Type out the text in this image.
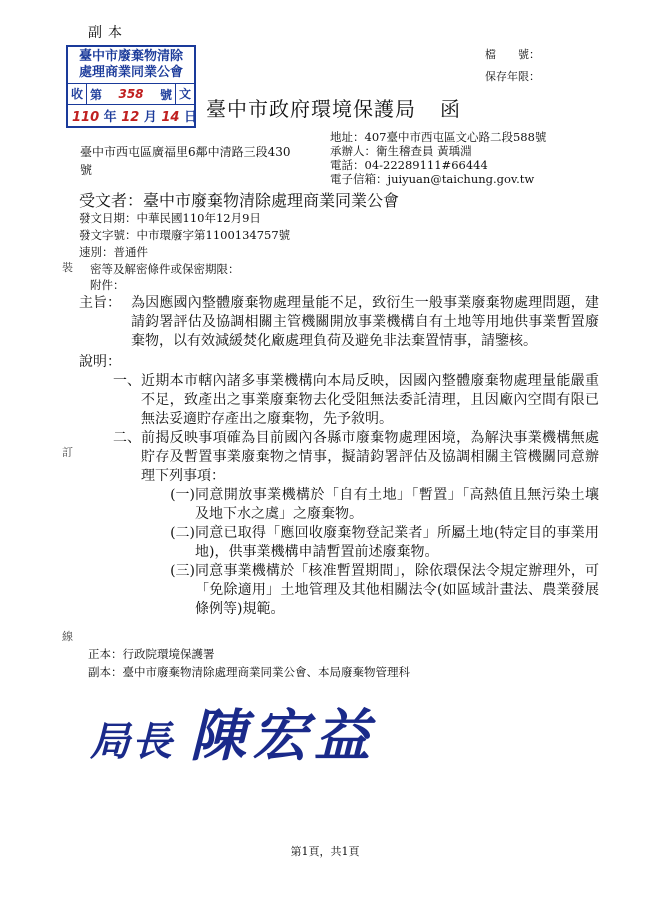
副本
檔　　號：
保存年限：
臺中市廢棄物清除
處理商業同業公會
收 第	358	號 文
110 年 12 月 14 日 臺中市政府環境保護局 函
臺中市西屯區廣福里6鄰中清路三段430號
地址：407臺中市西屯區文心路二段588號
承辦人：衛生稽查員 黃瑀淵
電話：04-22289111#66444
電子信箱：juiyuan@taichung.gov.tw
受文者：臺中市廢棄物清除處理商業同業公會
發文日期：中華民國110年12月9日
發文字號：中市環廢字第1100134757號
速別：普通件
密等及解密條件或保密期限：
附件：
裝
訂
線
主旨： 為因應國內整體廢棄物處理量能不足，致衍生一般事業廢棄物處理問題，建請鈞署評估及協調相關主管機關開放事業機構自有土地等用地供事業暫置廢棄物，以有效減緩焚化廠處理負荷及避免非法棄置情事，請鑒核。
說明：
一、 近期本市轄內諸多事業機構向本局反映，因國內整體廢棄物處理量能嚴重不足，致產出之事業廢棄物去化受阻無法委託清理，且因廠內空間有限已無法妥適貯存產出之廢棄物，先予敘明。
二、 前揭反映事項確為目前國內各縣市廢棄物處理困境，為解決事業機構無處貯存及暫置事業廢棄物之情事，擬請鈞署評估及協調相關主管機關同意辦理下列事項：
(一) 同意開放事業機構於「自有土地」「暫置」「高熱值且無污染土壤及地下水之虞」之廢棄物。
(二) 同意已取得「應回收廢棄物登記業者」所屬土地(特定目的事業用地)，供事業機構申請暫置前述廢棄物。
(三) 同意事業機構於「核准暫置期間」，除依環保法令規定辦理外，可「免除適用」土地管理及其他相關法令(如區域計畫法、農業發展條例等)規範。
正本：行政院環境保護署
副本：臺中市廢棄物清除處理商業同業公會、本局廢棄物管理科
局長 陳宏益
第1頁，共1頁
